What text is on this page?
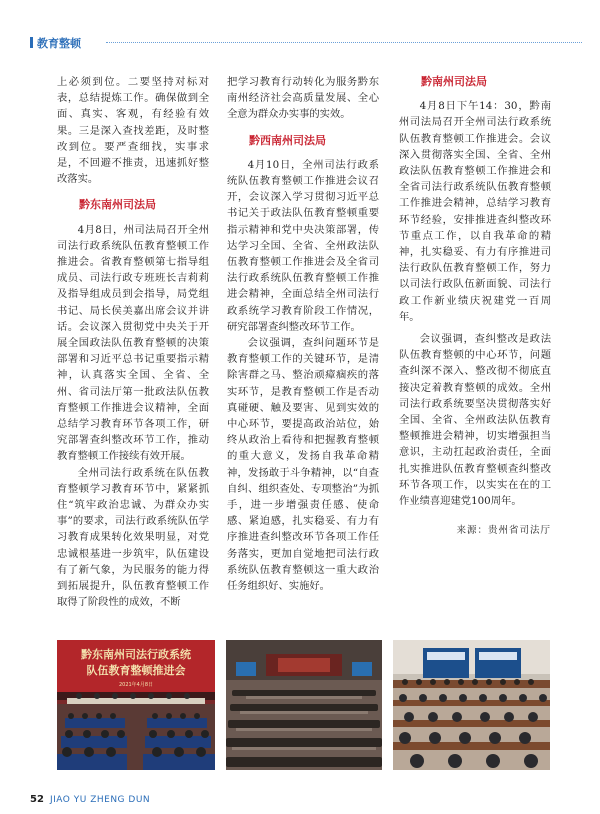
教育整顿

上必须到位。二要坚持对标对表，总结提炼工作。确保做到全面、真实、客观，有经验有效果。三是深入查找差距，及时整改到位。要严查细找，实事求是，不回避不推责，迅速抓好整改落实。

黔东南州司法局

4月8日，州司法局召开全州司法行政系统队伍教育整顿工作推进会。省教育整顿第七指导组成员、司法行政专班班长吉莉莉及指导组成员到会指导，局党组书记、局长侯美嘉出席会议并讲话。会议深入贯彻党中央关于开展全国政法队伍教育整顿的决策部署和习近平总书记重要指示精神，认真落实全国、全省、全州、省司法厅第一批政法队伍教育整顿工作推进会议精神，全面总结学习教育环节各项工作，研究部署查纠整改环节工作，推动教育整顿工作接续有效开展。

全州司法行政系统在队伍教育整顿学习教育环节中，紧紧抓住“筑牢政治忠诚、为群众办实事”的要求，司法行政系统队伍学习教育成果转化效果明显，对党忠诚根基进一步筑牢，队伍建设有了新气象，为民服务的能力得到拓展提升，队伍教育整顿工作取得了阶段性的成效，不断

把学习教育行动转化为服务黔东南州经济社会高质量发展、全心全意为群众办实事的实效。

黔西南州司法局

4月10日，全州司法行政系统队伍教育整顿工作推进会议召开，会议深入学习贯彻习近平总书记关于政法队伍教育整顿重要指示精神和党中央决策部署，传达学习全国、全省、全州政法队伍教育整顿工作推进会及全省司法行政系统队伍教育整顿工作推进会精神，全面总结全州司法行政系统学习教育阶段工作情况，研究部署查纠整改环节工作。

会议强调，查纠问题环节是教育整顿工作的关键环节，是清除害群之马、整治顽瘴痼疾的落实环节，是教育整顿工作是否动真碰硬、触及要害、见到实效的中心环节，要提高政治站位，始终从政治上看待和把握教育整顿的重大意义，发扬自我革命精神，发扬敢于斗争精神，以“自查自纠、组织查处、专项整治”为抓手，进一步增强责任感、使命感、紧迫感，扎实稳妥、有力有序推进查纠整改环节各项工作任务落实，更加自觉地把司法行政系统队伍教育整顿这一重大政治任务组织好、实施好。

黔南州司法局

4月8日下午14：30，黔南州司法局召开全州司法行政系统队伍教育整顿工作推进会。会议深入贯彻落实全国、全省、全州政法队伍教育整顿工作推进会和全省司法行政系统队伍教育整顿工作推进会精神，总结学习教育环节经验，安排推进查纠整改环节重点工作，以自我革命的精神，扎实稳妥、有力有序推进司法行政队伍教育整顿工作，努力以司法行政队伍新面貌、司法行政工作新业绩庆祝建党一百周年。

会议强调，查纠整改是政法队伍教育整顿的中心环节，问题查纠深不深入、整改彻不彻底直接决定着教育整顿的成效。全州司法行政系统要坚决贯彻落实好全国、全省、全州政法队伍教育整顿推进会精神，切实增强担当意识，主动扛起政治责任，全面扎实推进队伍教育整顿查纠整改环节各项工作，以实实在在的工作业绩喜迎建党100周年。

来源：贵州省司法厅
黔东南州司法行政系统
队伍教育整顿推进会
2021年4月8日
52 JIAO YU ZHENG DUN
